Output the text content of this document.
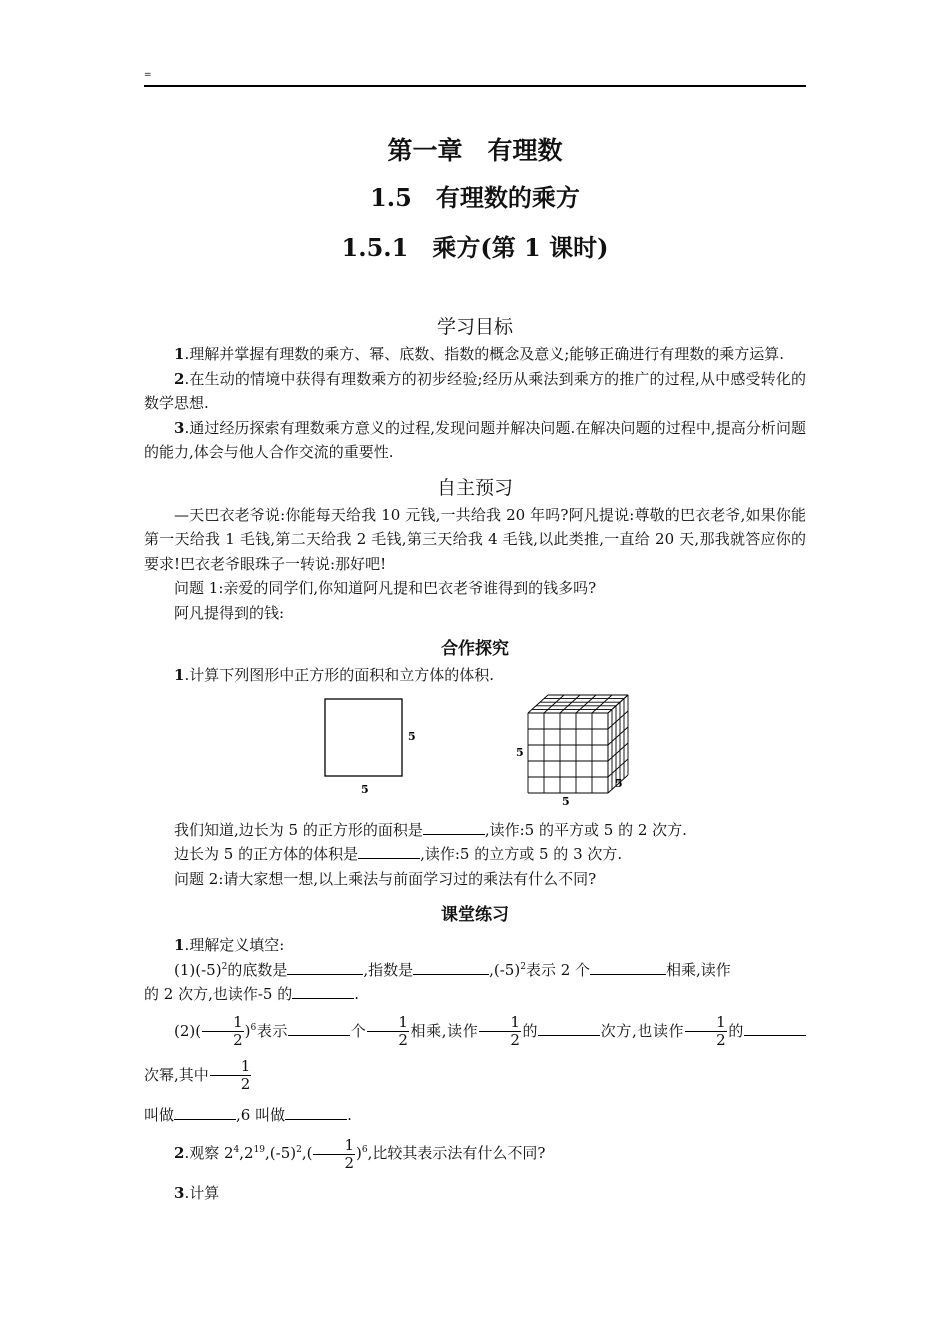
=
第一章　有理数
1.5　有理数的乘方
1.5.1　乘方(第 1 课时)
学习目标

1.理解并掌握有理数的乘方、幂、底数、指数的概念及意义;能够正确进行有理数的乘方运算.

2.在生动的情境中获得有理数乘方的初步经验;经历从乘法到乘方的推广的过程,从中感受转化的数学思想.

3.通过经历探索有理数乘方意义的过程,发现问题并解决问题.在解决问题的过程中,提高分析问题的能力,体会与他人合作交流的重要性.

自主预习

—天巴衣老爷说:你能每天给我 10 元钱,一共给我 20 年吗?阿凡提说:尊敬的巴衣老爷,如果你能第一天给我 1 毛钱,第二天给我 2 毛钱,第三天给我 4 毛钱,以此类推,一直给 20 天,那我就答应你的要求!巴衣老爷眼珠子一转说:那好吧!

问题 1:亲爱的同学们,你知道阿凡提和巴衣老爷谁得到的钱多吗?

阿凡提得到的钱:

合作探究

1.计算下列图形中正方形的面积和立方体的体积.

5
5
5
5
5

我们知道,边长为 5 的正方形的面积是	,读作:5 的平方或 5 的 2 次方.

边长为 5 的正方体的体积是	,读作:5 的立方或 5 的 3 次方.

问题 2:请大家想一想,以上乘法与前面学习过的乘法有什么不同?

课堂练习

1.理解定义填空:

$(1)(-5)^2$的底数是	,指数是	$,(-5)^2$表示 2 个	相乘,读作

的 2 次方,也读作-5 的	.

$(2)( \frac{1}{2} )^6$表示	个 $\frac{1}{2}$ 相乘,读作 $\frac{1}{2}$ 的	次方,也读作 $\frac{1}{2}$ 的次幂,其中 $\frac{1}{2}$

叫做	,6 叫做	.

2.观察 $2^4,2^{19},(-5)^2,( \frac{1}{2} )^6$,比较其表示法有什么不同?

3.计算
